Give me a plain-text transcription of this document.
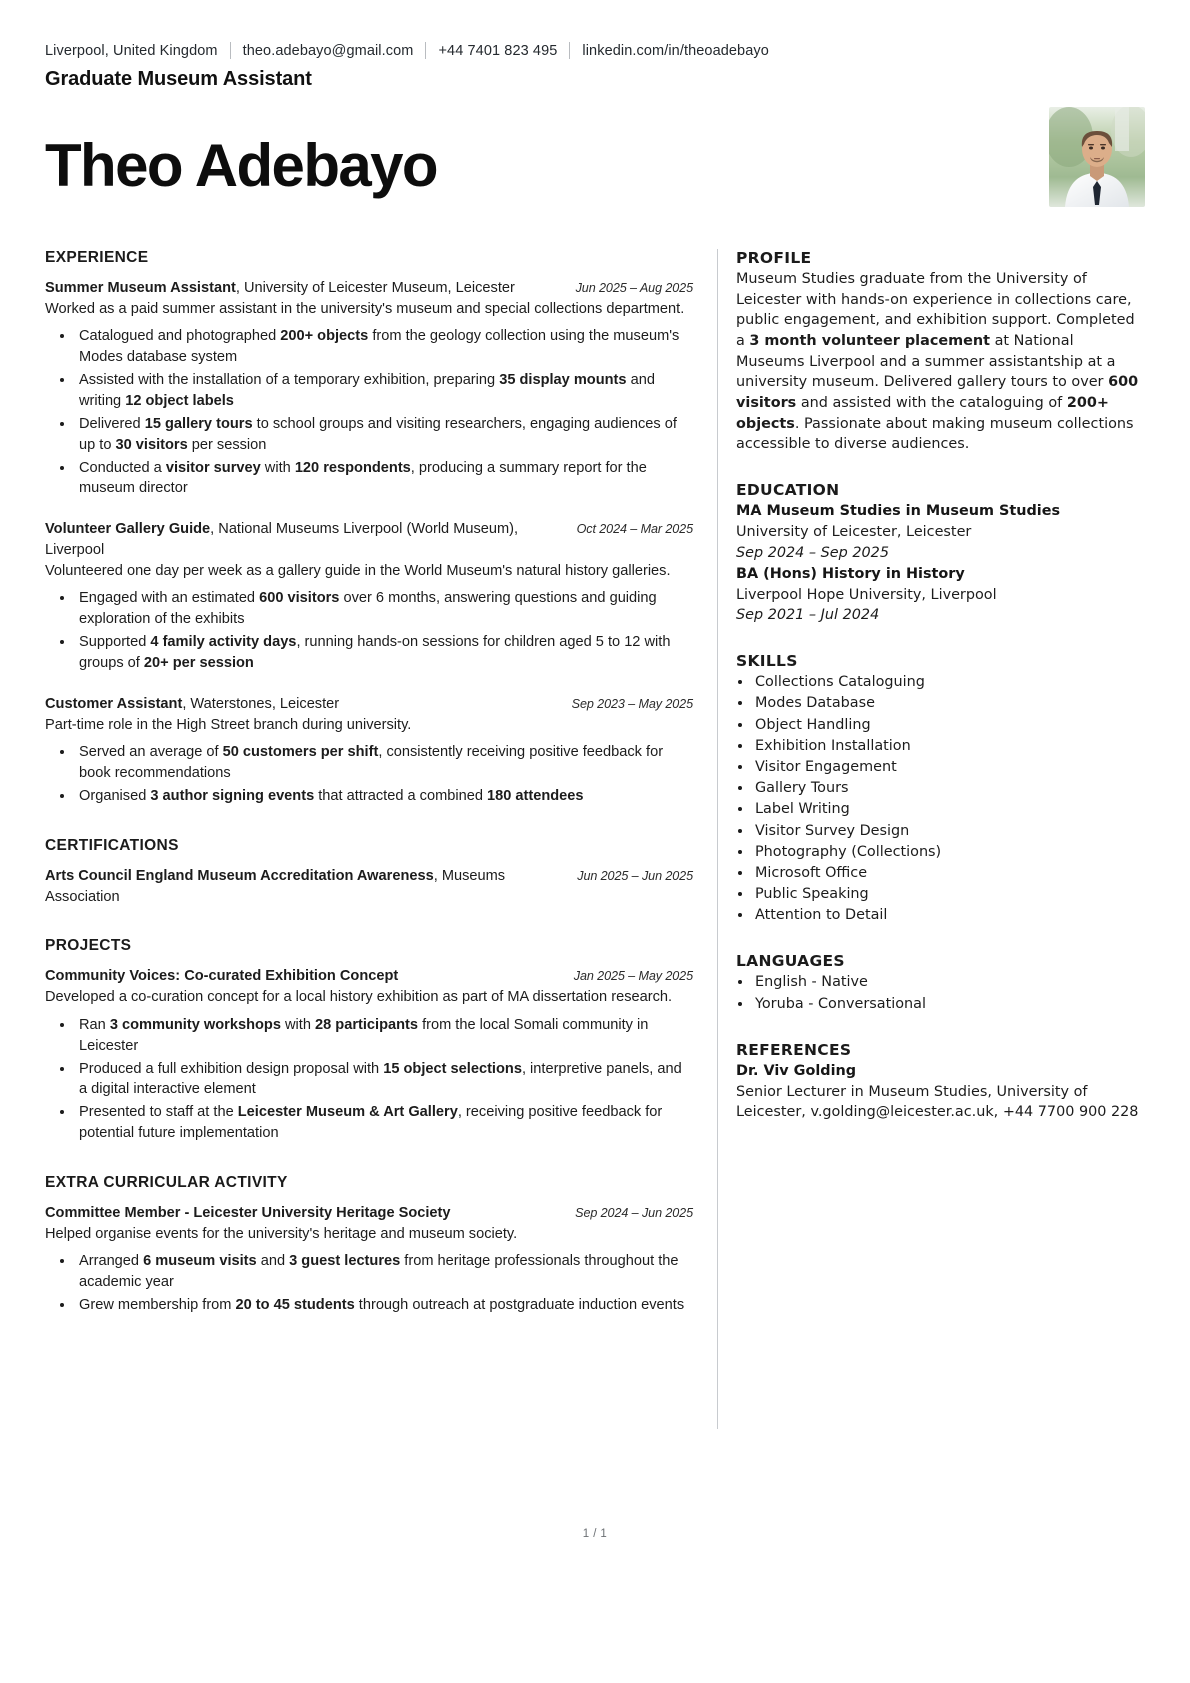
Liverpool, United Kingdom theo.adebayo@gmail.com +44 7401 823 495 linkedin.com/in/theoadebayo
Graduate Museum Assistant
Theo Adebayo
EXPERIENCE
Summer Museum Assistant, University of Leicester Museum, Leicester	Jun 2025 – Aug 2025
Worked as a paid summer assistant in the university's museum and special collections department.
• Catalogued and photographed 200+ objects from the geology collection using the museum's Modes database system
• Assisted with the installation of a temporary exhibition, preparing 35 display mounts and writing 12 object labels
• Delivered 15 gallery tours to school groups and visiting researchers, engaging audiences of up to 30 visitors per session
• Conducted a visitor survey with 120 respondents, producing a summary report for the museum director
Volunteer Gallery Guide, National Museums Liverpool (World Museum), Liverpool
Oct 2024 – Mar 2025
Volunteered one day per week as a gallery guide in the World Museum's natural history galleries.
• Engaged with an estimated 600 visitors over 6 months, answering questions and guiding exploration of the exhibits
• Supported 4 family activity days, running hands-on sessions for children aged 5 to 12 with groups of 20+ per session
Customer Assistant, Waterstones, Leicester	Sep 2023 – May 2025
Part-time role in the High Street branch during university.
• Served an average of 50 customers per shift, consistently receiving positive feedback for book recommendations
• Organised 3 author signing events that attracted a combined 180 attendees
CERTIFICATIONS
Arts Council England Museum Accreditation Awareness, Museums Association
Jun 2025 – Jun 2025
PROJECTS
Community Voices: Co-curated Exhibition Concept	Jan 2025 – May 2025
Developed a co-curation concept for a local history exhibition as part of MA dissertation research.
• Ran 3 community workshops with 28 participants from the local Somali community in Leicester
• Produced a full exhibition design proposal with 15 object selections, interpretive panels, and a digital interactive element
• Presented to staff at the Leicester Museum & Art Gallery, receiving positive feedback for potential future implementation
EXTRA CURRICULAR ACTIVITY
Committee Member - Leicester University Heritage Society	Sep 2024 – Jun 2025
Helped organise events for the university's heritage and museum society.
• Arranged 6 museum visits and 3 guest lectures from heritage professionals throughout the academic year
• Grew membership from 20 to 45 students through outreach at postgraduate induction events
PROFILE
Museum Studies graduate from the University of Leicester with hands-on experience in collections care, public engagement, and exhibition support. Completed a 3 month volunteer placement at National Museums Liverpool and a summer assistantship at a university museum. Delivered gallery tours to over 600 visitors and assisted with the cataloguing of 200+ objects. Passionate about making museum collections accessible to diverse audiences.
EDUCATION
MA Museum Studies in Museum Studies
University of Leicester, Leicester
Sep 2024 – Sep 2025
BA (Hons) History in History
Liverpool Hope University, Liverpool
Sep 2021 – Jul 2024
SKILLS
• Collections Cataloguing
• Modes Database
• Object Handling
• Exhibition Installation
• Visitor Engagement
• Gallery Tours
• Label Writing
• Visitor Survey Design
• Photography (Collections)
• Microsoft Office
• Public Speaking
• Attention to Detail
LANGUAGES
• English - Native
• Yoruba - Conversational
REFERENCES
Dr. Viv Golding
Senior Lecturer in Museum Studies, University of Leicester, v.golding@leicester.ac.uk, +44 7700 900 228
1 / 1
